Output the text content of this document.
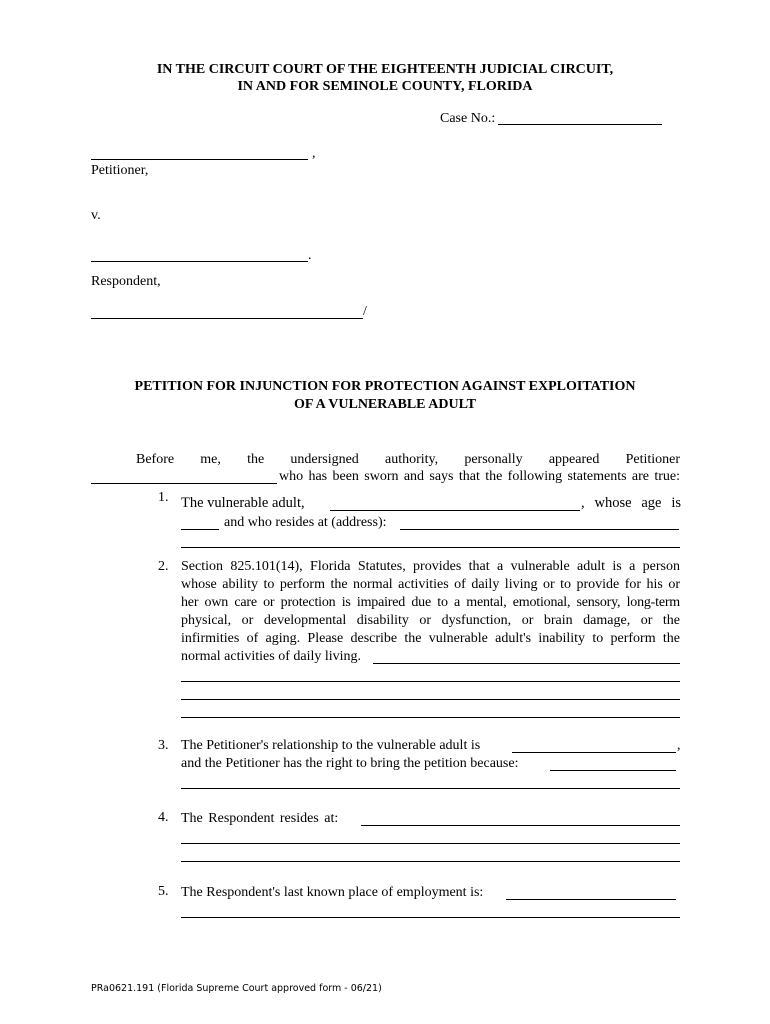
IN THE CIRCUIT COURT OF THE EIGHTEENTH JUDICIAL CIRCUIT,
IN AND FOR SEMINOLE COUNTY, FLORIDA
Case No.:
,
Petitioner,
v.
.
Respondent,
/
PETITION FOR INJUNCTION FOR PROTECTION AGAINST EXPLOITATION
OF A VULNERABLE ADULT
Before me, the undersigned authority, personally appeared Petitioner
who has been sworn and says that the following statements are true:
1. The vulnerable adult,	, whose age is
and who resides at (address):
2. Section 825.101(14), Florida Statutes, provides that a vulnerable adult is a person
whose ability to perform the normal activities of daily living or to provide for his or
her own care or protection is impaired due to a mental, emotional, sensory, long-term
physical, or developmental disability or dysfunction, or brain damage, or the
infirmities of aging. Please describe the vulnerable adult's inability to perform the
normal activities of daily living.
3. The Petitioner's relationship to the vulnerable adult is	,
and the Petitioner has the right to bring the petition because:
4. The Respondent resides at:
5. The Respondent's last known place of employment is:
PRa0621.191 (Florida Supreme Court approved form - 06/21)
